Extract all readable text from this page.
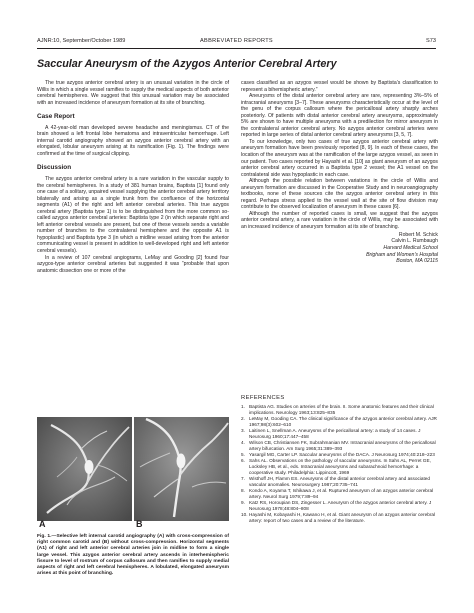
AJNR:10, September/October 1989	ABBREVIATED REPORTS	S73
Saccular Aneurysm of the Azygos Anterior Cerebral Artery

The true azygos anterior cerebral artery is an unusual variation in the circle of Willis in which a single vessel ramifies to supply the medical aspects of both anterior cerebral hemispheres. We suggest that this unusual variation may be associated with an increased incidence of aneurysm formation at its site of branching.

Case Report

A 42-year-old man developed severe headache and meningismus. CT of the brain showed a left frontal lobe hematoma and intraventricular hemorrhage. Left internal carotid angiography showed an azygos anterior cerebral artery with an elongated, lobular aneurysm arising at its ramification (Fig. 1). The findings were confirmed at the time of surgical clipping.

Discussion

The azygos anterior cerebral artery is a rare variation in the vascular supply to the cerebral hemispheres. In a study of 381 human brains, Baptista [1] found only one case of a solitary, unpaired vessel supplying the anterior cerebral artery territory bilaterally and arising as a single trunk from the confluence of the horizontal segments (A1) of the right and left anterior cerebral arteries. This true azygos cerebral artery (Baptista type 1) is to be distinguished from the more common so-called azygos anterior cerebral arteries: Baptista type 2 (in which separate right and left anterior cerebral vessels are present, but one of these vessels sends a variable number of branches to the contralateral hemisphere and the opposite A1 is hypoplastic) and Baptista type 3 (in which a midline vessel arising from the anterior communicating vessel is present in addition to well-developed right and left anterior cerebral vessels).

In a review of 107 cerebral angiograms, LeMay and Gooding [2] found four azygos-type anterior cerebral arteries but suggested it was “probable that upon anatomic dissection one or more of the

A	B
Fig. 1.—Selective left internal carotid angiography (A) with cross-compression of right common carotid and (B) without cross-compression. Horizontal segments (A1) of right and left anterior cerebral arteries join in midline to form a single large vessel. This azygos anterior cerebral artery ascends in interhemispheric fissure to level of rostrum of corpus callosum and then ramifies to supply medial aspects of right and left cerebral hemispheres. A lobulated, elongated aneurysm arises at this point of branching.

cases classified as an azygos vessel would be shown by Baptista’s classification to represent a bihemispheric artery.”

Aneurysms of the distal anterior cerebral artery are rare, representing 3%–5% of intracranial aneurysms [3–7]. These aneurysms characteristically occur at the level of the genu of the corpus callosum where the pericallosal artery sharply arches posteriorly. Of patients with distal anterior cerebral artery aneurysms, approximately 5% are shown to have multiple aneurysms with a predilection for mirror aneurysm in the contralateral anterior cerebral artery. No azygos anterior cerebral arteries were reported in large series of distal anterior cerebral artery aneurysms [3, 5, 7].

To our knowledge, only two cases of true azygos anterior cerebral artery with aneurysm formation have been previously reported [8, 9]. In each of these cases, the location of the aneurysm was at the ramification of the large azygos vessel, as seen in our patient. Two cases reported by Hayashi et al. [10] as giant aneurysm of an azygos anterior cerebral artery occurred in a Baptista type 2 vessel; the A1 vessel on the contralateral side was hypoplastic in each case.

Although the possible relation between variations in the circle of Willis and aneurysm formation are discussed in the Cooperative Study and in neuroangiography textbooks, none of these sources cite the azygos anterior cerebral artery in this regard. Perhaps stress applied to the vessel wall at the site of flow division may contribute to the observed localization of aneurysm in these cases [6].

Although the number of reported cases is small, we suggest that the azygos anterior cerebral artery, a rare variation in the circle of Willis, may be associated with an increased incidence of aneurysm formation at its site of branching.

Robert M. Schick
Calvin L. Rumbaugh
Harvard Medical School
Brigham and Women’s Hospital
Boston, MA 02115
REFERENCES
1. Baptista AG. Studies on arteries of the brain. II. Some anatomic features and their clinical implications. Neurology 1963;13:825–835
2. LeMay M, Gooding CA. The clinical significance of the azygos anterior cerebral artery. AJR 1967;98(3):602–610
3. Laitinen L, Snellman A. Aneurysms of the pericallosal artery: a study of 14 cases. J Neurosurg 1960;17:447–458
4. Wilson CB, Christiansen FK, Subrahmanian MV. Intracranial aneurysms of the pericallosal artery bifurcation. Am Surg 1965;31:389–393
5. Yasargil MG, Carter LP. Saccular aneurysms of the DACA. J Neurosurg 1974;40:218–223
6. Sahs AL. Observations on the pathology of saccular aneurysms. In Sahs AL, Perret GE, Locksley HB, et al., eds. Intracranial aneurysms and subarachnoid hemorrhage: a cooperative study. Philadelphia: Lippincott, 1969
7. Wisthoff JH, Flamm ES. Aneurysms of the distal anterior cerebral artery and associated vascular anomalies. Neurosurgery 1987;20:735–741
8. Kondo A, Koyama T, Ishikawa J, et al. Ruptured aneurysm of an azygos anterior cerebral artery. Neurol Surg 1979;7:89–94
9. Katz RS, Horoupian DS, Zingesser L. Aneurysm of the azygos anterior cerebral artery. J Neurosurg 1978;48:804–808
10. Hayashi M, Kobayashi H, Kawano H, et al. Giant aneurysm of an azygos anterior cerebral artery: report of two cases and a review of the literature.
